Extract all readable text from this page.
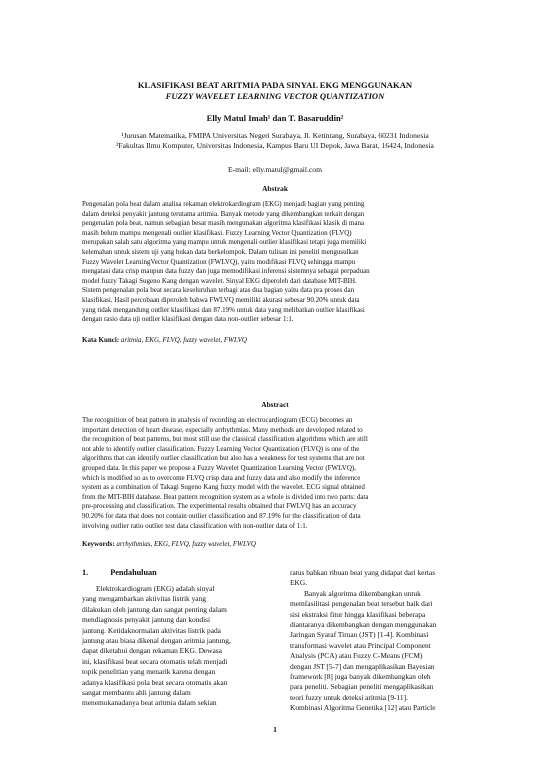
KLASIFIKASI BEAT ARITMIA PADA SINYAL EKG MENGGUNAKAN
FUZZY WAVELET LEARNING VECTOR QUANTIZATION
Elly Matul Imah¹ dan T. Basaruddin²
¹Jurusan Matematika, FMIPA Universitas Negeri Surabaya, Jl. Ketintang, Surabaya, 60231 Indonesia
²Fakultas Ilmu Komputer, Universitas Indonesia, Kampus Baru UI Depok, Jawa Barat, 16424, Indonesia
E-mail: elly.matul@gmail.com
Abstrak
Pengenalan pola beat dalam analisa rekaman elektrokardiogram (EKG) menjadi bagian yang penting
dalam deteksi penyakit jantung terutama aritmia. Banyak metode yang dikembangkan terkait dengan
pengenalan pola beat, namun sebagian besar masih mengunakan algoritma klasifikasi klasik di mana
masih belum mampu mengenali outlier klasifikasi. Fuzzy Learning Vector Quantization (FLVQ)
merupakan salah satu algoritma yang mampu untuk mengenali outlier klasifikasi tetapi juga memiliki
kelemahan untuk sistem uji yang bukan data berkelompok. Dalam tulisan ini peneliti mengusulkan
Fuzzy Wavelet LearningVector Quantization (FWLVQ), yaitu modifikasi FLVQ sehingga mampu
mengatasi data crisp maupun data fuzzy dan juga memodifikasi inferensi sistemnya sebagai perpaduan
model fuzzy Takagi Sugeno Kang dengan wavelet. Sinyal EKG diperoleh dari database MIT-BIH.
Sistem pengenalan pola beat secara keseluruhan terbagi atas dua bagian yaitu data pra proses dan
klasifikasi. Hasil percobaan diperoleh bahwa FWLVQ memiliki akurasi sebesar 90.20% untuk data
yang tidak mengandung outlier klasifikasi dan 87.19% untuk data yang melibatkan outlier klasifikasi
dengan rasio data uji outlier klasifikasi dengan data non-outlier sebesar 1:1.
Kata Kunci: aritmia, EKG, FLVQ, fuzzy wavelet, FWLVQ
Abstract
The recognition of beat pattern in analysis of recording an electrocardiogram (ECG) becomes an
important detection of heart disease, especially arrhythmias. Many methods are developed related to
the recognition of beat patterns, but most still use the classical classification algorithms which are still
not able to identify outlier classification. Fuzzy Learning Vector Quantization (FLVQ) is one of the
algorithms that can identify outlier classification but also has a weakness for test systems that are not
grouped data. In this paper we propose a Fuzzy Wavelet Quantization Learning Vector (FWLVQ),
which is modified so as to overcome FLVQ crisp data and fuzzy data and also modify the inference
system as a combination of Takagi Sugeno Kang fuzzy model with the wavelet. ECG signal obtained
from the MIT-BIH database. Beat pattern recognition system as a whole is divided into two parts: data
pre-processing and classification. The experimental results obtained that FWLVQ has an accuracy
90.20% for data that does not contain outlier classification and 87.19% for the classification of data
involving outlier ratio outlier test data classification with non-outlier data of 1:1.
Keywords: arrhythmias, EKG, FLVQ, fuzzy wavelet, FWLVQ
1.	Pendahuluan
Elektrokardiogram (EKG) adalah sinyal
yang mengambarkan aktivitas listrik yang
dilakukan oleh jantung dan sangat penting dalam
mendiagnosis penyakit jantung dan kondisi
jantung. Ketidaknormalan aktivitas listrik pada
jantung atau biasa dikenal dengan aritmia jantung,
dapat diketahui dengan rekaman EKG. Dewasa
ini, klasifikasi beat secara otomatis telah menjadi
topik penelitian yang menarik karena dengan
adanya klasifikasi pola beat secara otomatis akan
sangat membantu ahli jantung dalam
menemukanadanya beat aritmia dalam sekian
ratus bahkan ribuan beat yang didapat dari kertas
EKG.
Banyak algoritma dikembangkan untuk
memfasilitasi pengenalan beat tersebut baik dari
sisi ekstraksi fitur hingga klasifikasi beberapa
diantaranya dikembangkan dengan menggunakan
Jaringan Syaraf Tiruan (JST) [1-4]. Kombinasi
transformasi wavelet atau Principal Component
Analysis (PCA) atau Fuzzy C-Means (FCM)
dengan JST [5-7] dan mengaplikasikan Bayesian
framework [8] juga banyak dikembangkan oleh
para peneliti. Sebagian peneliti mengaplikasikan
teori fuzzy untuk deteksi aritmia [9-11].
Kombinasi Algoritma Genetika [12] atau Particle
1
